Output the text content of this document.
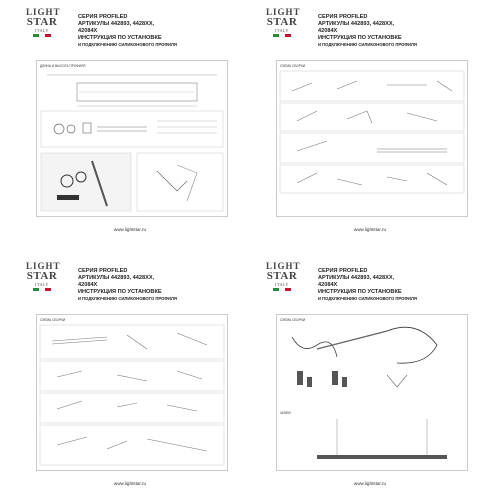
LIGHT
STAR
ITALY
СЕРИЯ PROFILED
АРТИКУЛЫ 442893, 4428XX,
42084X
ИНСТРУКЦИЯ ПО УСТАНОВКЕ
И ПОДКЛЮЧЕНИЮ СИЛИКОНОВОГО ПРОФИЛЯ
ДЛИНА И ВЫСОТА ПРОФИЛЯ
www.lightstar.ru
LIGHT
STAR
ITALY
СЕРИЯ PROFILED
АРТИКУЛЫ 442893, 4428XX,
42084X
ИНСТРУКЦИЯ ПО УСТАНОВКЕ
И ПОДКЛЮЧЕНИЮ СИЛИКОНОВОГО ПРОФИЛЯ
СХЕМА СБОРКИ
www.lightstar.ru
LIGHT
STAR
ITALY
СЕРИЯ PROFILED
АРТИКУЛЫ 442893, 4428XX,
42084X
ИНСТРУКЦИЯ ПО УСТАНОВКЕ
И ПОДКЛЮЧЕНИЮ СИЛИКОНОВОГО ПРОФИЛЯ
СХЕМА СБОРКИ
www.lightstar.ru
LIGHT
STAR
ITALY
СЕРИЯ PROFILED
АРТИКУЛЫ 442893, 4428XX,
42084X
ИНСТРУКЦИЯ ПО УСТАНОВКЕ
И ПОДКЛЮЧЕНИЮ СИЛИКОНОВОГО ПРОФИЛЯ
СХЕМА СБОРКИ
442893
www.lightstar.ru
